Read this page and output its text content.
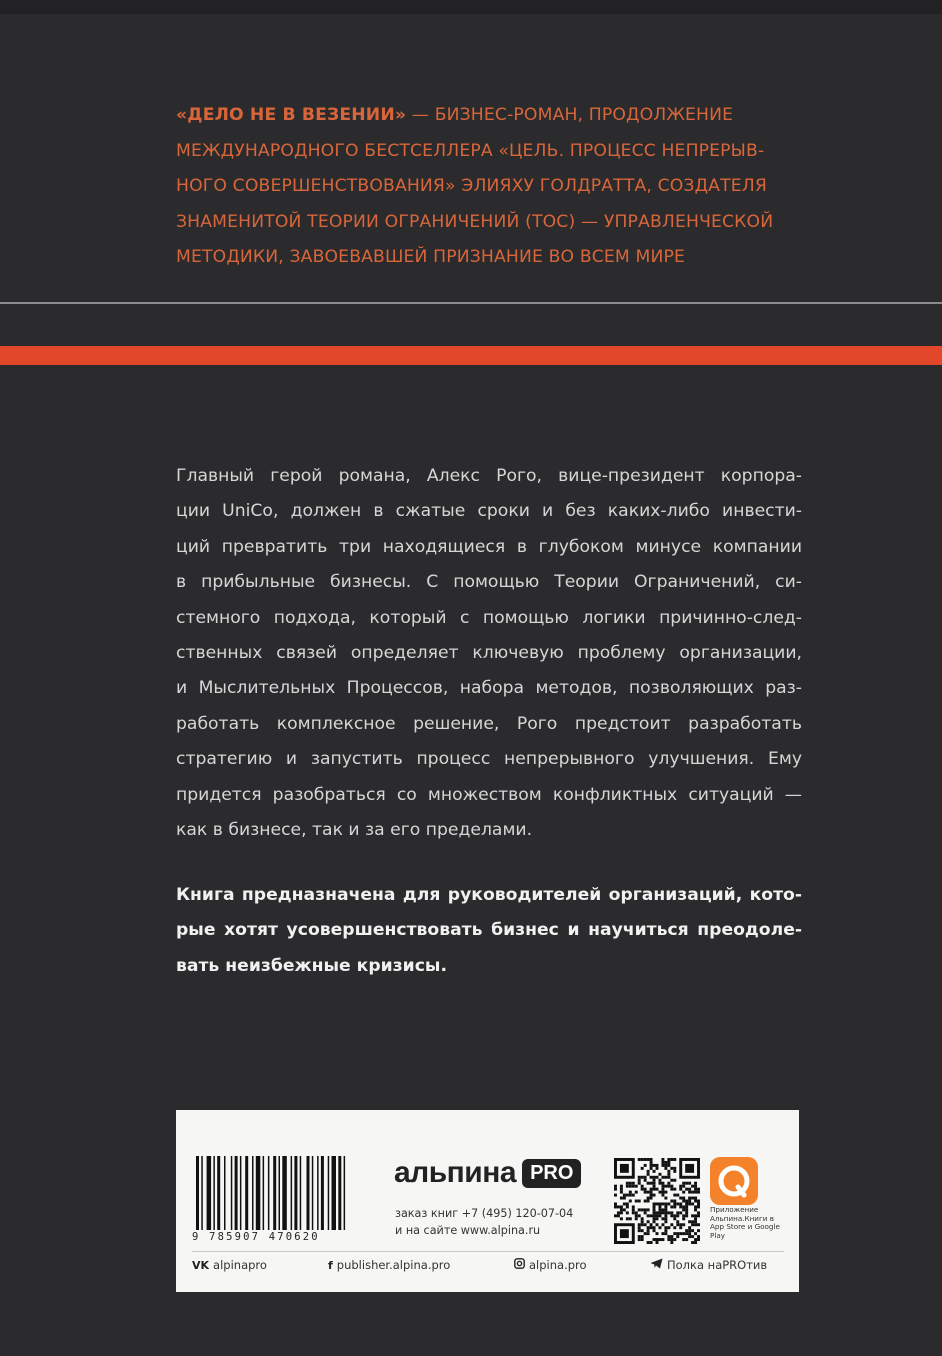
«ДЕЛО НЕ В ВЕЗЕНИИ» — БИЗНЕС-РОМАН, ПРОДОЛЖЕНИЕ
МЕЖДУНАРОДНОГО БЕСТСЕЛЛЕРА «ЦЕЛЬ. ПРОЦЕСС НЕПРЕРЫВ-
НОГО СОВЕРШЕНСТВОВАНИЯ» ЭЛИЯХУ ГОЛДРАТТА, СОЗДАТЕЛЯ
ЗНАМЕНИТОЙ ТЕОРИИ ОГРАНИЧЕНИЙ (ТОС) — УПРАВЛЕНЧЕСКОЙ
МЕТОДИКИ, ЗАВОЕВАВШЕЙ ПРИЗНАНИЕ ВО ВСЕМ МИРЕ
Главный герой романа, Алекс Рого, вице-президент корпора-
ции UniCo, должен в сжатые сроки и без каких-либо инвести-
ций превратить три находящиеся в глубоком минусе компании
в прибыльные бизнесы. С помощью Теории Ограничений, си-
стемного подхода, который с помощью логики причинно-след-
ственных связей определяет ключевую проблему организации,
и Мыслительных Процессов, набора методов, позволяющих раз-
работать комплексное решение, Рого предстоит разработать
стратегию и запустить процесс непрерывного улучшения. Ему
придется разобраться со множеством конфликтных ситуаций —
как в бизнесе, так и за его пределами.
Книга предназначена для руководителей организаций, кото-
рые хотят усовершенствовать бизнес и научиться преодоле-
вать неизбежные кризисы.
9 785907 470620
альпина PRO
заказ книг +7 (495) 120-07-04
и на сайте www.alpina.ru
Приложение Альпина.Книги в App Store и Google Play
VK alpinapro	f publisher.alpina.pro	alpina.pro	Полка наPROтив
